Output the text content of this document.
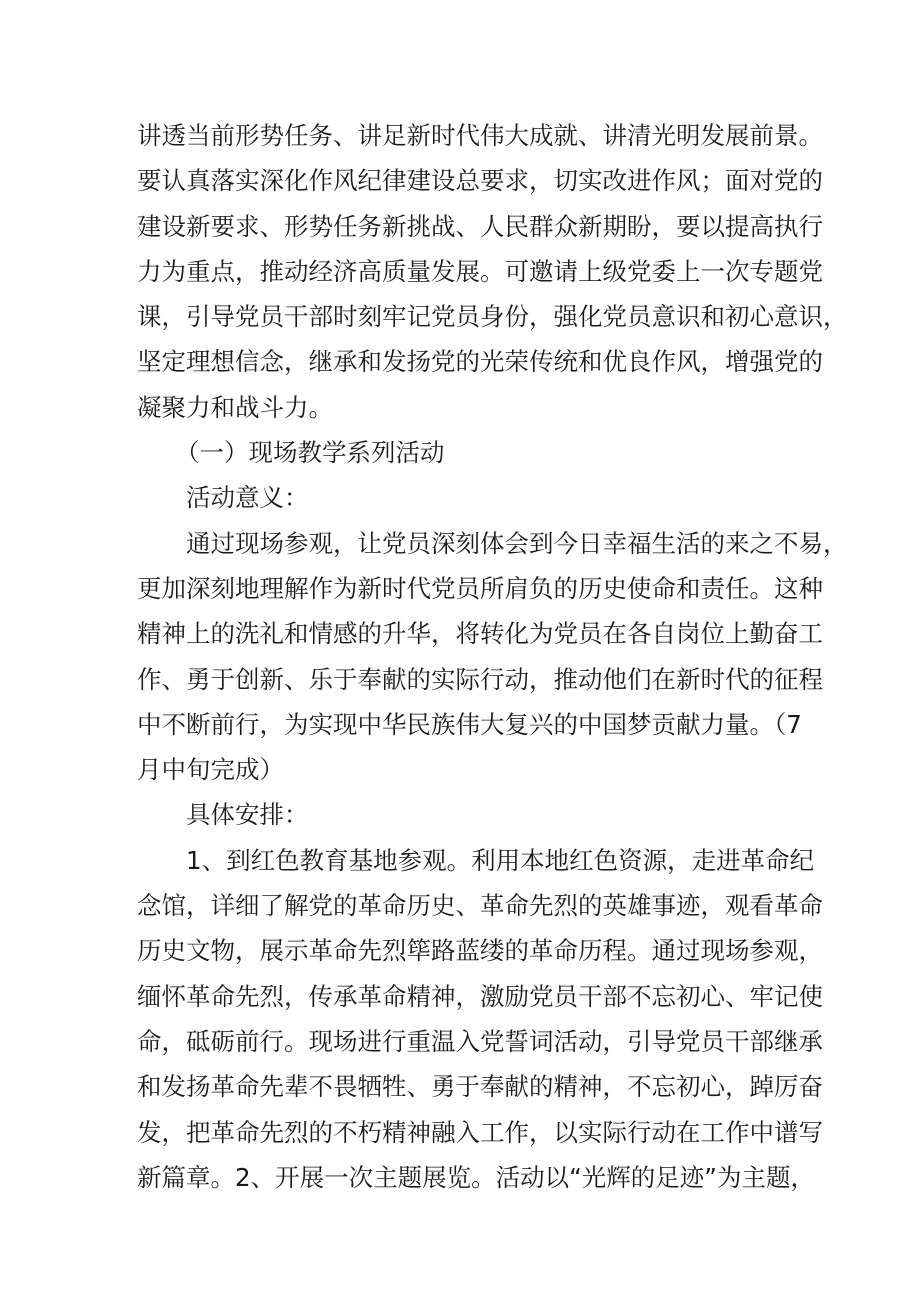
讲透当前形势任务、讲足新时代伟大成就、讲清光明发展前景。
要认真落实深化作风纪律建设总要求，切实改进作风；面对党的
建设新要求、形势任务新挑战、人民群众新期盼，要以提高执行
力为重点，推动经济高质量发展。可邀请上级党委上一次专题党
课，引导党员干部时刻牢记党员身份，强化党员意识和初心意识，
坚定理想信念，继承和发扬党的光荣传统和优良作风，增强党的
凝聚力和战斗力。
（一）现场教学系列活动
活动意义：
通过现场参观，让党员深刻体会到今日幸福生活的来之不易，
更加深刻地理解作为新时代党员所肩负的历史使命和责任。这种
精神上的洗礼和情感的升华，将转化为党员在各自岗位上勤奋工
作、勇于创新、乐于奉献的实际行动，推动他们在新时代的征程
中不断前行，为实现中华民族伟大复兴的中国梦贡献力量。（7
月中旬完成）
具体安排：
1、到红色教育基地参观。利用本地红色资源，走进革命纪
念馆，详细了解党的革命历史、革命先烈的英雄事迹，观看革命
历史文物，展示革命先烈筚路蓝缕的革命历程。通过现场参观，
缅怀革命先烈，传承革命精神，激励党员干部不忘初心、牢记使
命，砥砺前行。现场进行重温入党誓词活动，引导党员干部继承
和发扬革命先辈不畏牺牲、勇于奉献的精神，不忘初心，踔厉奋
发，把革命先烈的不朽精神融入工作，以实际行动在工作中谱写
新篇章。2、开展一次主题展览。活动以“光辉的足迹”为主题，
